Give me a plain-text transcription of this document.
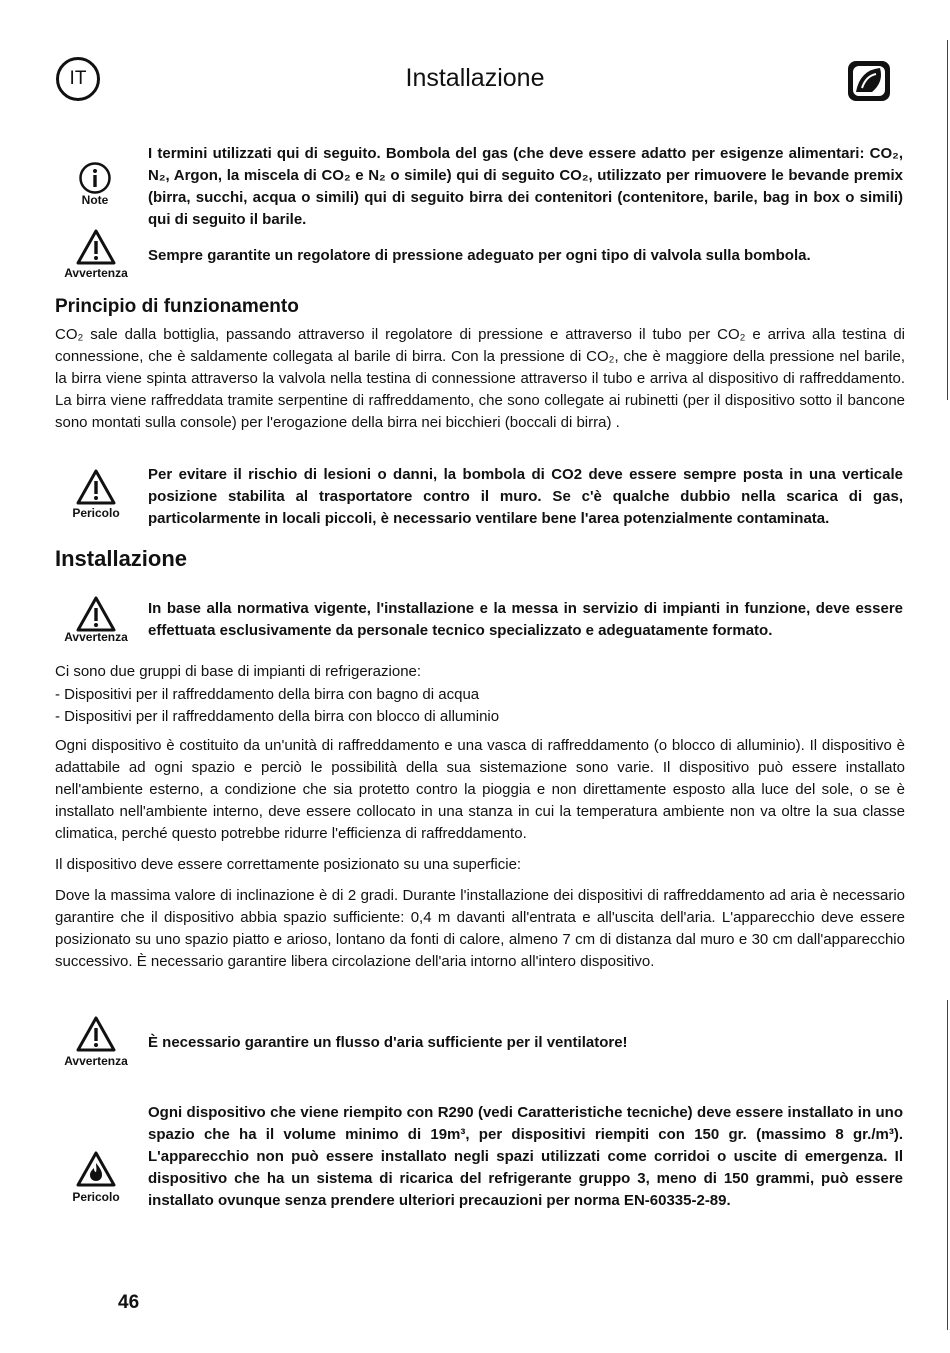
IT	Installazione
Note

I termini utilizzati qui di seguito. Bombola del gas (che deve essere adatto per esigenze alimentari: CO₂, N₂, Argon, la miscela di CO₂ e N₂ o simile) qui di seguito CO₂, utilizzato per rimuovere le bevande premix (birra, succhi, acqua o simili) qui di seguito birra dei contenitori (contenitore, barile, bag in box o simili) qui di seguito il barile.

Avvertenza

Sempre garantite un regolatore di pressione adeguato per ogni tipo di valvola sulla bombola.

Principio di funzionamento

CO₂ sale dalla bottiglia, passando attraverso il regolatore di pressione e attraverso il tubo per CO₂ e arriva alla testina di connessione, che è saldamente collegata al barile di birra. Con la pressione di CO₂, che è maggiore della pressione nel barile, la birra viene spinta attraverso la valvola nella testina di connessione attraverso il tubo e arriva al dispositivo di raffreddamento. La birra viene raffreddata tramite serpentine di raffreddamento, che sono collegate ai rubinetti (per il dispositivo sotto il bancone sono montati sulla console) per l'erogazione della birra nei bicchieri (boccali di birra) .

Pericolo

Per evitare il rischio di lesioni o danni, la bombola di CO2 deve essere sempre posta in una verticale posizione stabilita al trasportatore contro il muro. Se c'è qualche dubbio nella scarica di gas, particolarmente in locali piccoli, è necessario ventilare bene l'area potenzialmente contaminata.

Installazione
Avvertenza

In base alla normativa vigente, l'installazione e la messa in servizio di impianti in funzione, deve essere effettuata esclusivamente da personale tecnico specializzato e adeguatamente formato.

Ci sono due gruppi di base di impianti di refrigerazione:

- Dispositivi per il raffreddamento della birra con bagno di acqua

- Dispositivi per il raffreddamento della birra con blocco di alluminio

Ogni dispositivo è costituito da un'unità di raffreddamento e una vasca di raffreddamento (o blocco di alluminio). Il dispositivo è adattabile ad ogni spazio e perciò le possibilità della sua sistemazione sono varie. Il dispositivo può essere installato nell'ambiente esterno, a condizione che sia protetto contro la pioggia e non direttamente esposto alla luce del sole, o se è installato nell'ambiente interno, deve essere collocato in una stanza in cui la temperatura ambiente non va oltre la sua classe climatica, perché questo potrebbe ridurre l'efficienza di raffreddamento.

Il dispositivo deve essere correttamente posizionato su una superficie:

Dove la massima valore di inclinazione è di 2 gradi. Durante l'installazione dei dispositivi di raffreddamento ad aria è necessario garantire che il dispositivo abbia spazio sufficiente: 0,4 m davanti all'entrata e all'uscita dell'aria. L'apparecchio deve essere posizionato su uno spazio piatto e arioso, lontano da fonti di calore, almeno 7 cm di distanza dal muro e 30 cm dall'apparecchio successivo. È necessario garantire libera circolazione dell'aria intorno all'intero dispositivo.

Avvertenza

È necessario garantire un flusso d'aria sufficiente per il ventilatore!

Pericolo

Ogni dispositivo che viene riempito con R290 (vedi Caratteristiche tecniche) deve essere installato in uno spazio che ha il volume minimo di 19m³, per dispositivi riempiti con 150 gr. (massimo 8 gr./m³). L'apparecchio non può essere installato negli spazi utilizzati come corridoi o uscite di emergenza. Il dispositivo che ha un sistema di ricarica del refrigerante gruppo 3, meno di 150 grammi, può essere installato ovunque senza prendere ulteriori precauzioni per norma EN-60335-2-89.

46
